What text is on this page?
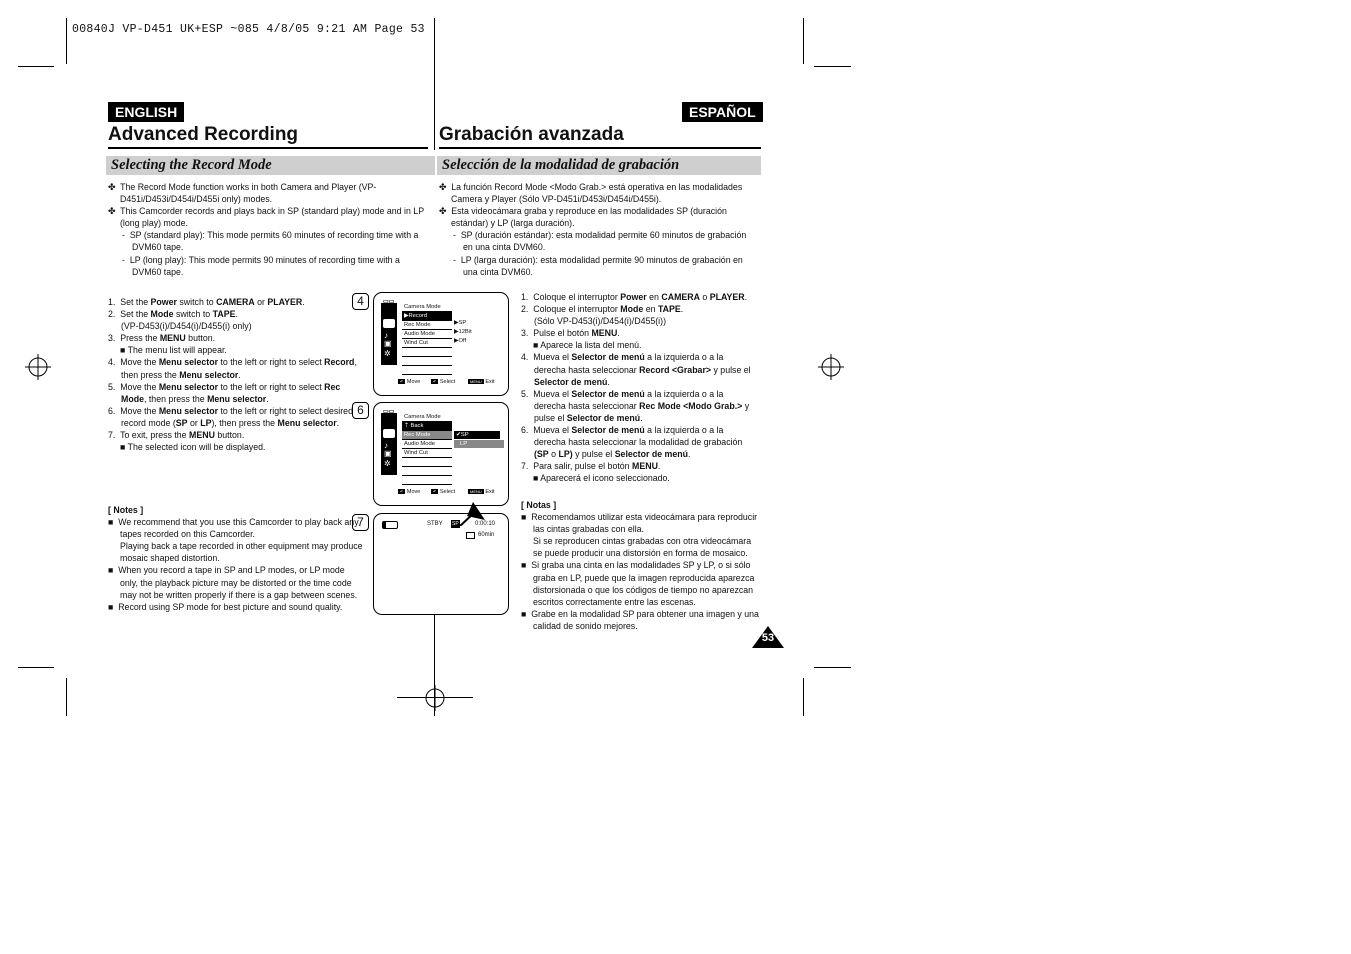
00840J VP-D451 UK+ESP ~085 4/8/05 9:21 AM Page 53
ENGLISH	ESPAÑOL
Advanced Recording	Grabación avanzada
Selecting the Record Mode	Selección de la modalidad de grabación

✤  The Record Mode function works in both Camera and Player (VP-D451i/D453i/D454i/D455i only) modes.

✤  This Camcorder records and plays back in SP (standard play) mode and in LP (long play) mode.

-  SP (standard play): This mode permits 60 minutes of recording time with a DVM60 tape.

-  LP (long play): This mode permits 90 minutes of recording time with a DVM60 tape.

1.  Set the Power switch to CAMERA or PLAYER.

2.  Set the Mode switch to TAPE.
(VP-D453(i)/D454(i)/D455(i) only)

3.  Press the MENU button.

■ The menu list will appear.

4.  Move the Menu selector to the left or right to select Record, then press the Menu selector.

5.  Move the Menu selector to the left or right to select Rec Mode, then press the Menu selector.

6.  Move the Menu selector to the left or right to select desired record mode (SP or LP), then press the Menu selector.

7.  To exit, press the MENU button.

■ The selected icon will be displayed.

[ Notes ]

■  We recommend that you use this Camcorder to play back any tapes recorded on this Camcorder.
Playing back a tape recorded in other equipment may produce mosaic shaped distortion.

■  When you record a tape in SP and LP modes, or LP mode only, the playback picture may be distorted or the time code may not be written properly if there is a gap between scenes.

■  Record using SP mode for best picture and sound quality.

✤  La función Record Mode <Modo Grab.> está operativa en las modalidades Camera y Player (Sólo VP-D451i/D453i/D454i/D455i).

✤  Esta videocámara graba y reproduce en las modalidades SP (duración estándar) y LP (larga duración).

-  SP (duración estándar): esta modalidad permite 60 minutos de grabación en una cinta DVM60.

-  LP (larga duración): esta modalidad permite 90 minutos de grabación en una cinta DVM60.

1.  Coloque el interruptor Power en CAMERA o PLAYER.

2.  Coloque el interruptor Mode en TAPE.
(Sólo VP-D453(i)/D454(i)/D455(i))

3.  Pulse el botón MENU.

■ Aparece la lista del menú.

4.  Mueva el Selector de menú a la izquierda o a la derecha hasta seleccionar Record <Grabar> y pulse el Selector de menú.

5.  Mueva el Selector de menú a la izquierda o a la derecha hasta seleccionar Rec Mode <Modo Grab.> y pulse el Selector de menú.

6.  Mueva el Selector de menú a la izquierda o a la derecha hasta seleccionar la modalidad de grabación (SP o LP) y pulse el Selector de menú.

7.  Para salir, pulse el botón MENU.

■ Aparecerá el icono seleccionado.

[ Notas ]

■  Recomendamos utilizar esta videocámara para reproducir las cintas grabadas con ella.
Si se reproducen cintas grabadas con otra videocámara se puede producir una distorsión en forma de mosaico.

■  Si graba una cinta en las modalidades SP y LP, o si sólo graba en LP, puede que la imagen reproducida aparezca distorsionada o que los códigos de tiempo no aparezcan escritos correctamente entre las escenas.

■  Grabe en la modalidad SP para obtener una imagen y una calidad de sonido mejores.

53
4	▭▭
♪
▣
✲
Camera Mode
▶Record
Rec Mode
Audio Mode
Wind Cut
▶SP
▶12Bit
▶Off
↶ Move	↶ Select	MENU Exit
6	▭▭
♪
▣
✲
Camera Mode
⇡ Back
Rec Mode
Audio Mode
Wind Cut
✔SP
LP
↶ Move	↶ Select	MENU Exit
7	STBY SP	0:00:10
60min
